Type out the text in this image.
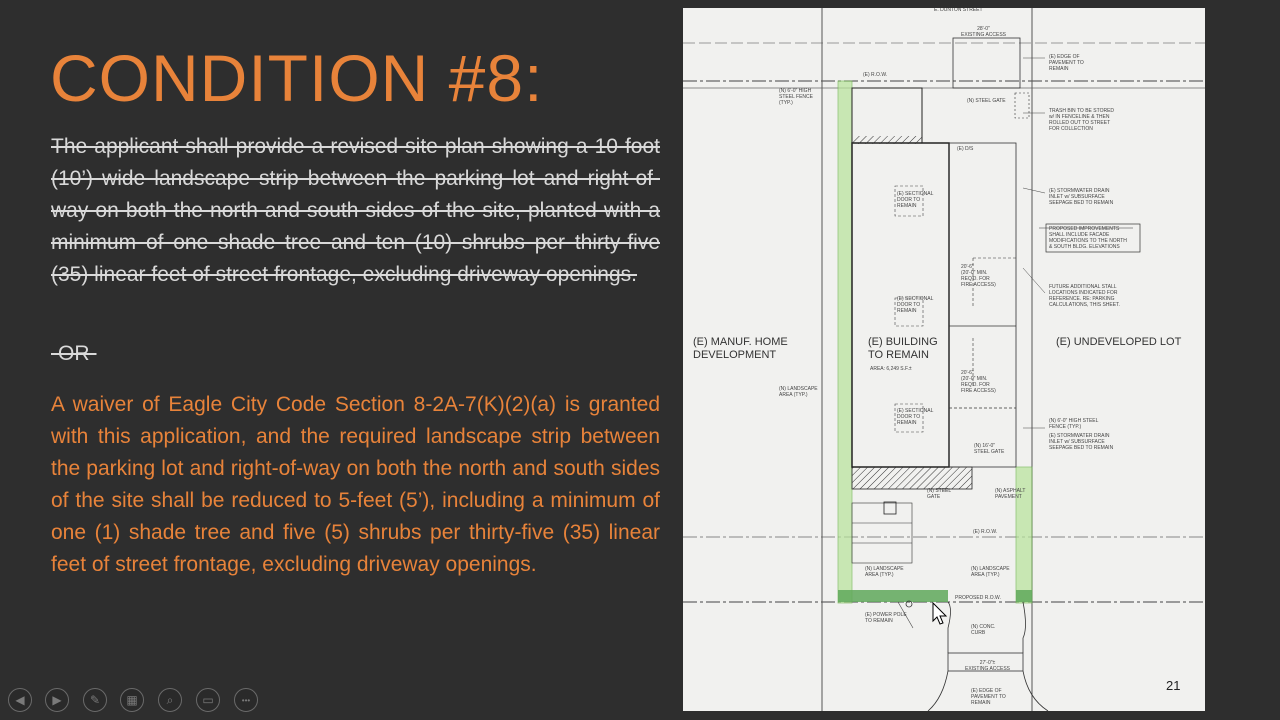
CONDITION #8:
The applicant shall provide a revised site plan showing a 10-foot (10’) wide landscape strip between the parking lot and right-of-way on both the north and south sides of the site, planted with a minimum of one shade tree and ten (10) shrubs per thirty-five (35) linear feet of street frontage, excluding driveway openings.
-OR-
A waiver of Eagle City Code Section 8-2A-7(K)(2)(a) is granted with this application, and the required landscape strip between the parking lot and right-of-way on both the north and south sides of the site shall be reduced to 5-feet (5’), including a minimum of one (1) shade tree and five (5) shrubs per thirty-five (35) linear feet of street frontage, excluding driveway openings.
E. DUNTON STREET
(E) MANUF. HOME
DEVELOPMENT
(E) BUILDING
TO REMAIN
(E) UNDEVELOPED LOT
28'-0"
EXISTING ACCESS
(E) EDGE OF
PAVEMENT TO
REMAIN
(N) 6'-0" HIGH
STEEL FENCE
(TYP.)
(E) R.O.W.
(N) STEEL GATE
TRASH BIN TO BE STORED
w/ IN FENCELINE & THEN
ROLLED OUT TO STREET
FOR COLLECTION
(E) STORMWATER DRAIN
INLET w/ SUBSURFACE
SEEPAGE BED TO REMAIN
PROPOSED IMPROVEMENTS
SHALL INCLUDE FACADE
MODIFICATIONS TO THE NORTH
& SOUTH BLDG. ELEVATIONS
FUTURE ADDITIONAL STALL
LOCATIONS INDICATED FOR
REFERENCE. RE: PARKING
CALCULATIONS, THIS SHEET.
(E) SECTIONAL
DOOR TO
REMAIN
(E) SECTIONAL
DOOR TO
REMAIN
(E) SECTIONAL
DOOR TO
REMAIN
20'-6"
(20'-0" MIN.
REQ'D. FOR
FIRE ACCESS)
20'-6"
(20'-0" MIN.
REQ'D. FOR
FIRE ACCESS)
(E) D/S
(N) LANDSCAPE
AREA (TYP.)
AREA: 6,249 S.F.±
(N) 6'-0" HIGH STEEL
FENCE (TYP.)
(E) STORMWATER DRAIN
INLET w/ SUBSURFACE
SEEPAGE BED TO REMAIN
(N) 16'-0"
STEEL GATE
(N) STEEL
GATE
(N) ASPHALT
PAVEMENT
(E) R.O.W.
(N) LANDSCAPE
AREA (TYP.)
(N) LANDSCAPE
AREA (TYP.)
PROPOSED R.O.W.
(E) POWER POLE
TO REMAIN
(N) CONC.
CURB
27'-0"±
EXISTING ACCESS
(E) EDGE OF
PAVEMENT TO
REMAIN
21
◀	▶	✎	▦	⌕	▭	•••
